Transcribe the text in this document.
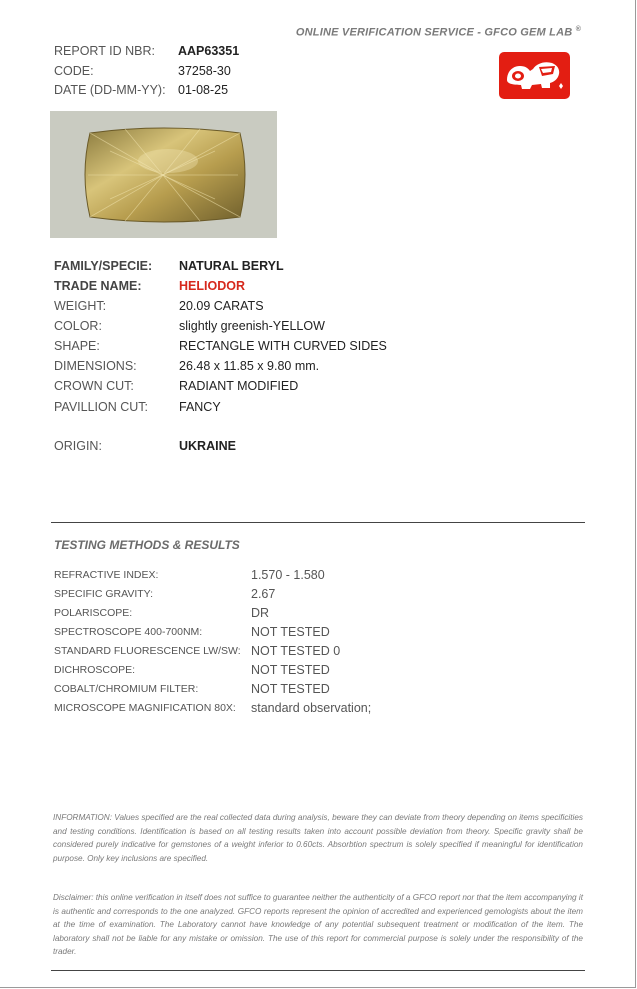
ONLINE VERIFICATION SERVICE - GFCO GEM LAB ®
REPORT ID NBR: AAP63351
CODE:	37258-30
DATE (DD-MM-YY): 01-08-25
FAMILY/SPECIE: NATURAL BERYL
TRADE NAME:	HELIODOR
WEIGHT:	20.09 CARATS
COLOR:	slightly greenish-YELLOW
SHAPE:	RECTANGLE WITH CURVED SIDES
DIMENSIONS:	26.48 x 11.85 x 9.80 mm.
CROWN CUT:	RADIANT MODIFIED
PAVILLION CUT: FANCY
ORIGIN:	UKRAINE
TESTING METHODS & RESULTS
REFRACTIVE INDEX:	1.570 - 1.580
SPECIFIC GRAVITY:	2.67
POLARISCOPE:	DR
SPECTROSCOPE 400-700NM:	NOT TESTED
STANDARD FLUORESCENCE LW/SW: NOT TESTED 0
DICHROSCOPE:	NOT TESTED
COBALT/CHROMIUM FILTER:	NOT TESTED
MICROSCOPE MAGNIFICATION 80X: standard observation;
INFORMATION: Values specified are the real collected data during analysis, beware they can deviate from theory depending on items specificities and testing conditions. Identification is based on all testing results taken into account possible deviation from theory. Specific gravity shall be considered purely indicative for gemstones of a weight inferior to 0.60cts. Absorbtion spectrum is solely specified if meaningful for identification purpose. Only key inclusions are specified.
Disclaimer: this online verification in itself does not suffice to guarantee neither the authenticity of a GFCO report nor that the item accompanying it is authentic and corresponds to the one analyzed. GFCO reports represent the opinion of accredited and experienced gemologists about the item at the time of examination. The Laboratory cannot have knowledge of any potential subsequent treatment or modification of the item. The laboratory shall not be liable for any mistake or omission. The use of this report for commercial purpose is solely under the responsibility of the trader.
